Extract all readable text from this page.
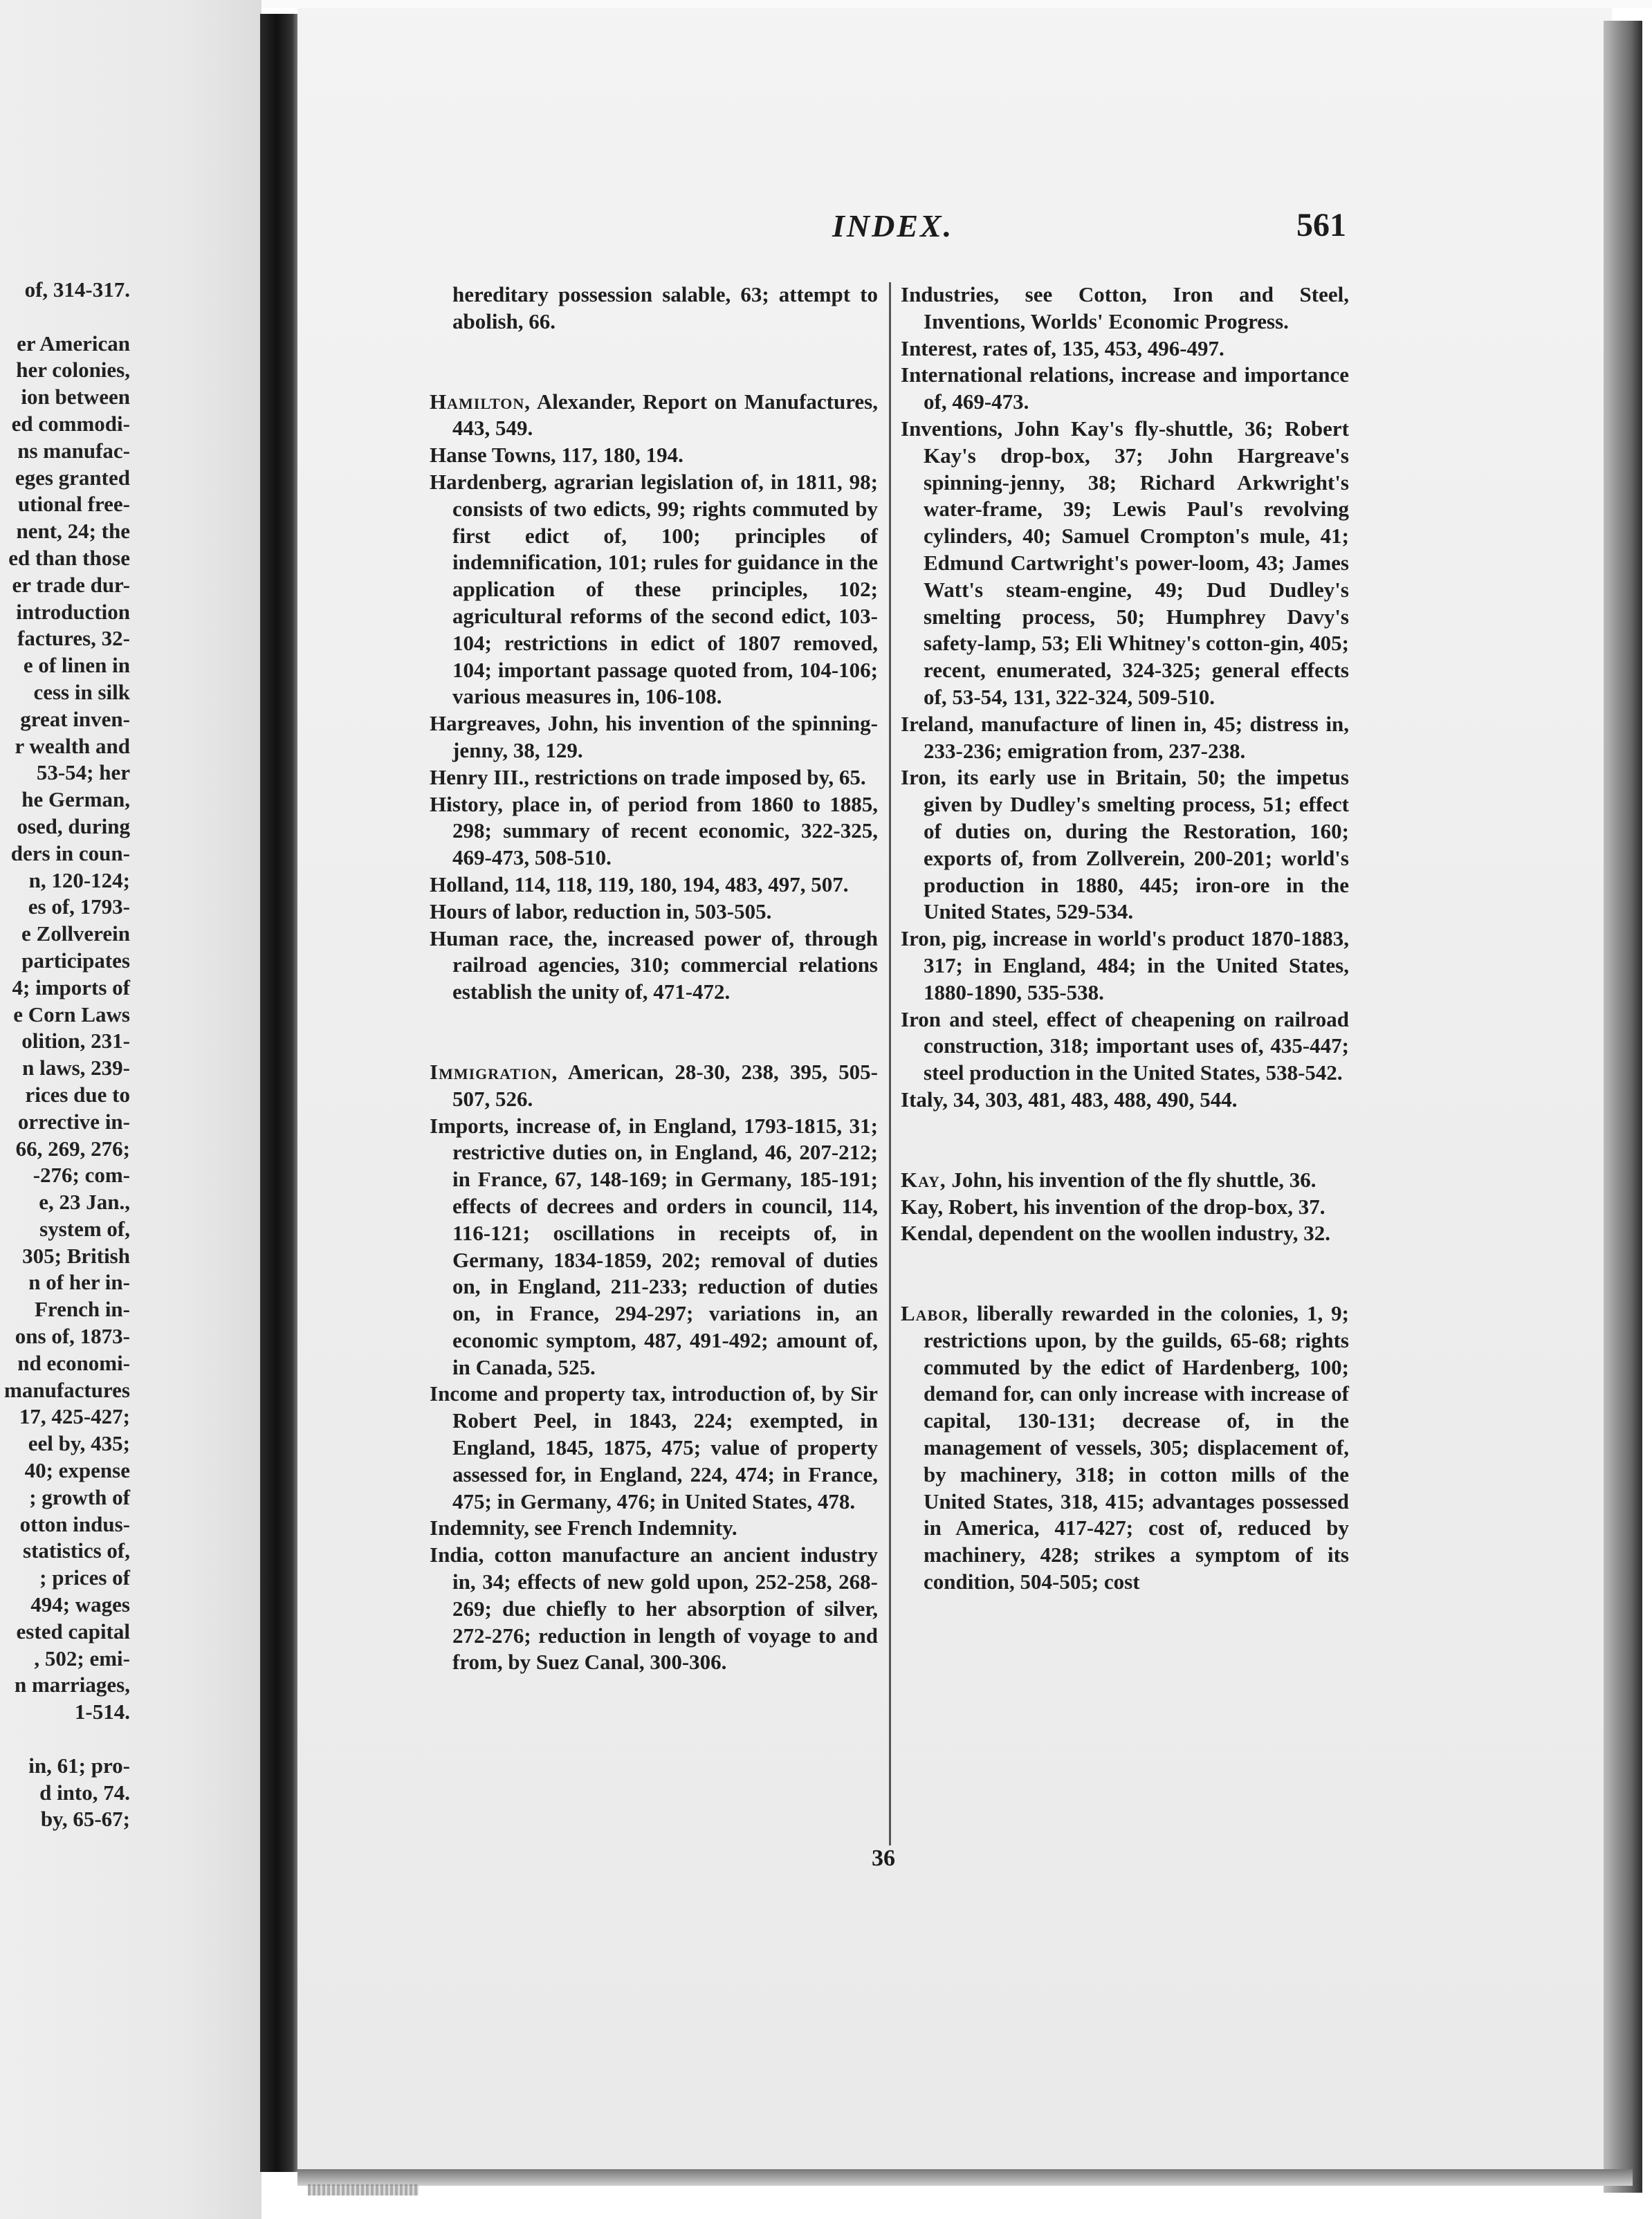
of, 314-317.

er American
her colonies,
ion between
ed commodi-
ns manufac-
eges granted
utional free-
nent, 24; the
ed than those
er trade dur-
introduction
factures, 32-
e of linen in
cess in silk
great inven-
r wealth and
53-54; her
he German,
osed, during
ders in coun-
n, 120-124;
es of, 1793-
e Zollverein
participates
4; imports of
e Corn Laws
olition, 231-
n laws, 239-
rices due to
orrective in-
66, 269, 276;
-276; com-
e, 23 Jan.,
system of,
305; British
n of her in-
French in-
ons of, 1873-
nd economi-
manufactures
17, 425-427;
eel by, 435;
40; expense
; growth of
otton indus-
statistics of,
; prices of
494; wages
ested capital
, 502; emi-
n marriages,
1-514.

in, 61; pro-
d into, 74.
by, 65-67;
INDEX.	561

hereditary possession salable, 63; attempt to abolish, 66.

Hamilton, Alexander, Report on Manufactures, 443, 549.

Hanse Towns, 117, 180, 194.

Hardenberg, agrarian legislation of, in 1811, 98; consists of two edicts, 99; rights commuted by first edict of, 100; principles of indemnification, 101; rules for guidance in the application of these principles, 102; agricultural reforms of the second edict, 103-104; restrictions in edict of 1807 removed, 104; important passage quoted from, 104-106; various measures in, 106-108.

Hargreaves, John, his invention of the spinning-jenny, 38, 129.

Henry III., restrictions on trade imposed by, 65.

History, place in, of period from 1860 to 1885, 298; summary of recent economic, 322-325, 469-473, 508-510.

Holland, 114, 118, 119, 180, 194, 483, 497, 507.

Hours of labor, reduction in, 503-505.

Human race, the, increased power of, through railroad agencies, 310; commercial relations establish the unity of, 471-472.

Immigration, American, 28-30, 238, 395, 505-507, 526.

Imports, increase of, in England, 1793-1815, 31; restrictive duties on, in England, 46, 207-212; in France, 67, 148-169; in Germany, 185-191; effects of decrees and orders in council, 114, 116-121; oscillations in receipts of, in Germany, 1834-1859, 202; removal of duties on, in England, 211-233; reduction of duties on, in France, 294-297; variations in, an economic symptom, 487, 491-492; amount of, in Canada, 525.

Income and property tax, introduction of, by Sir Robert Peel, in 1843, 224; exempted, in England, 1845, 1875, 475; value of property assessed for, in England, 224, 474; in France, 475; in Germany, 476; in United States, 478.

Indemnity, see French Indemnity.

India, cotton manufacture an ancient industry in, 34; effects of new gold upon, 252-258, 268-269; due chiefly to her absorption of silver, 272-276; reduction in length of voyage to and from, by Suez Canal, 300-306.

Industries, see Cotton, Iron and Steel, Inventions, Worlds' Economic Progress.

Interest, rates of, 135, 453, 496-497.

International relations, increase and importance of, 469-473.

Inventions, John Kay's fly-shuttle, 36; Robert Kay's drop-box, 37; John Hargreave's spinning-jenny, 38; Richard Arkwright's water-frame, 39; Lewis Paul's revolving cylinders, 40; Samuel Crompton's mule, 41; Edmund Cartwright's power-loom, 43; James Watt's steam-engine, 49; Dud Dudley's smelting process, 50; Humphrey Davy's safety-lamp, 53; Eli Whitney's cotton-gin, 405; recent, enumerated, 324-325; general effects of, 53-54, 131, 322-324, 509-510.

Ireland, manufacture of linen in, 45; distress in, 233-236; emigration from, 237-238.

Iron, its early use in Britain, 50; the impetus given by Dudley's smelting process, 51; effect of duties on, during the Restoration, 160; exports of, from Zollverein, 200-201; world's production in 1880, 445; iron-ore in the United States, 529-534.

Iron, pig, increase in world's product 1870-1883, 317; in England, 484; in the United States, 1880-1890, 535-538.

Iron and steel, effect of cheapening on railroad construction, 318; important uses of, 435-447; steel production in the United States, 538-542.

Italy, 34, 303, 481, 483, 488, 490, 544.

Kay, John, his invention of the fly shuttle, 36.

Kay, Robert, his invention of the drop-box, 37.

Kendal, dependent on the woollen industry, 32.

Labor, liberally rewarded in the colonies, 1, 9; restrictions upon, by the guilds, 65-68; rights commuted by the edict of Hardenberg, 100; demand for, can only increase with increase of capital, 130-131; decrease of, in the management of vessels, 305; displacement of, by machinery, 318; in cotton mills of the United States, 318, 415; advantages possessed in America, 417-427; cost of, reduced by machinery, 428; strikes a symptom of its condition, 504-505; cost

36
